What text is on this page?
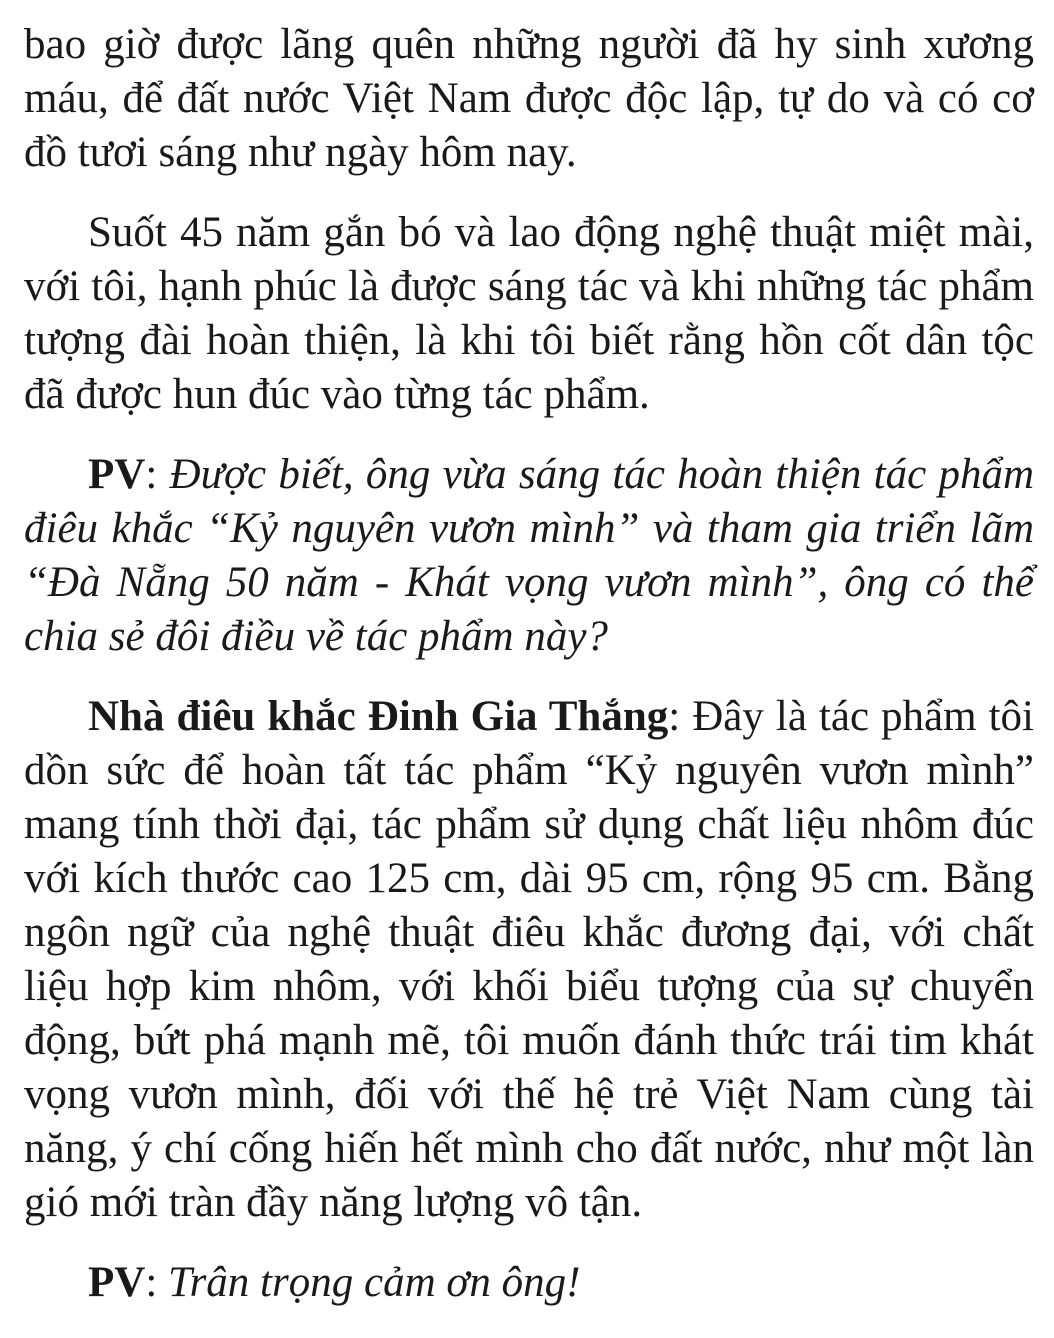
bao giờ được lãng quên những người đã hy sinh xương máu, để đất nước Việt Nam được độc lập, tự do và có cơ đồ tươi sáng như ngày hôm nay.

Suốt 45 năm gắn bó và lao động nghệ thuật miệt mài, với tôi, hạnh phúc là được sáng tác và khi những tác phẩm tượng đài hoàn thiện, là khi tôi biết rằng hồn cốt dân tộc đã được hun đúc vào từng tác phẩm.

PV: Được biết, ông vừa sáng tác hoàn thiện tác phẩm điêu khắc “Kỷ nguyên vươn mình” và tham gia triển lãm “Đà Nẵng 50 năm - Khát vọng vươn mình”, ông có thể chia sẻ đôi điều về tác phẩm này?

Nhà điêu khắc Đinh Gia Thắng: Đây là tác phẩm tôi dồn sức để hoàn tất tác phẩm “Kỷ nguyên vươn mình” mang tính thời đại, tác phẩm sử dụng chất liệu nhôm đúc với kích thước cao 125 cm, dài 95 cm, rộng 95 cm. Bằng ngôn ngữ của nghệ thuật điêu khắc đương đại, với chất liệu hợp kim nhôm, với khối biểu tượng của sự chuyển động, bứt phá mạnh mẽ, tôi muốn đánh thức trái tim khát vọng vươn mình, đối với thế hệ trẻ Việt Nam cùng tài năng, ý chí cống hiến hết mình cho đất nước, như một làn gió mới tràn đầy năng lượng vô tận.

PV: Trân trọng cảm ơn ông!
